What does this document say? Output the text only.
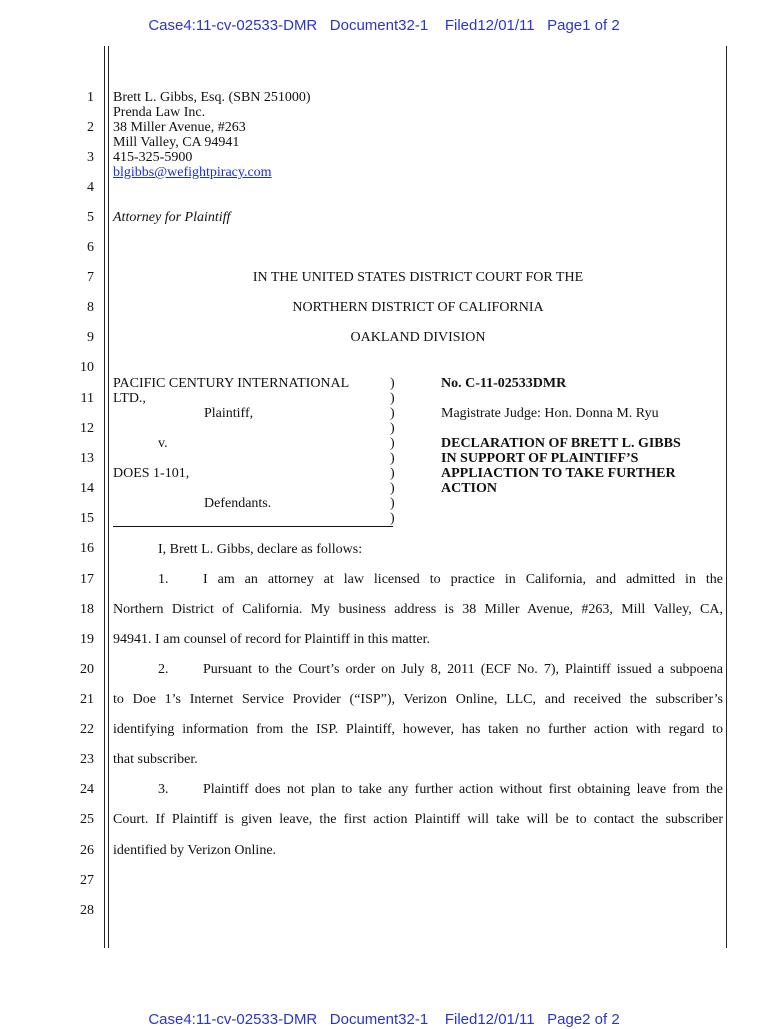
Case4:11-cv-02533-DMR   Document32-1    Filed12/01/11   Page1 of 2
1
2
3
4
5
6
7
8
9
10
11
12
13
14
15
16
17
18
19
20
21
22
23
24
25
26
27
28
Brett L. Gibbs, Esq. (SBN 251000)
Prenda Law Inc.
38 Miller Avenue, #263
Mill Valley, CA 94941
415-325-5900
blgibbs@wefightpiracy.com
Attorney for Plaintiff
IN THE UNITED STATES DISTRICT COURT FOR THE
NORTHERN DISTRICT OF CALIFORNIA
OAKLAND DIVISION
PACIFIC CENTURY INTERNATIONAL
LTD.,
Plaintiff,
v.
DOES 1-101,
Defendants.
)
)
)
)
)
)
)
)
)
)
No. C-11-02533DMR
Magistrate Judge: Hon. Donna M. Ryu
DECLARATION OF BRETT L. GIBBS
IN SUPPORT OF PLAINTIFF’S
APPLIACTION TO TAKE FURTHER
ACTION
I, Brett L. Gibbs, declare as follows:
1. I am an attorney at law licensed to practice in California, and admitted in the
Northern District of California. My business address is 38 Miller Avenue, #263, Mill Valley, CA,
94941. I am counsel of record for Plaintiff in this matter.
2. Pursuant to the Court’s order on July 8, 2011 (ECF No. 7), Plaintiff issued a subpoena
to Doe 1’s Internet Service Provider (“ISP”), Verizon Online, LLC, and received the subscriber’s
identifying information from the ISP. Plaintiff, however, has taken no further action with regard to
that subscriber.
3. Plaintiff does not plan to take any further action without first obtaining leave from the
Court. If Plaintiff is given leave, the first action Plaintiff will take will be to contact the subscriber
identified by Verizon Online.
Case4:11-cv-02533-DMR   Document32-1    Filed12/01/11   Page2 of 2
